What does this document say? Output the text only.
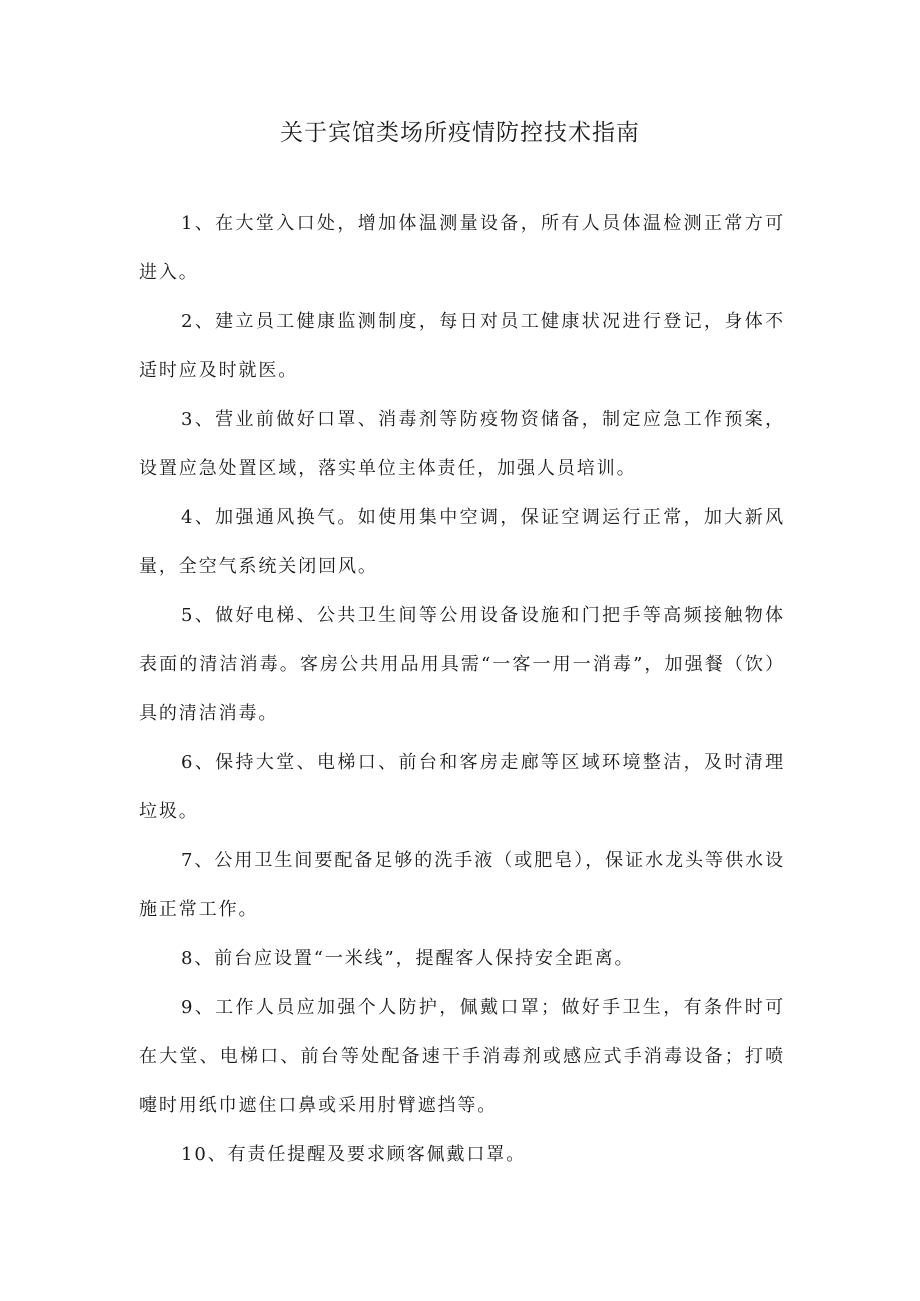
关于宾馆类场所疫情防控技术指南

1、在大堂入口处，增加体温测量设备，所有人员体温检测正常方可进入。

2、建立员工健康监测制度，每日对员工健康状况进行登记，身体不适时应及时就医。

3、营业前做好口罩、消毒剂等防疫物资储备，制定应急工作预案，设置应急处置区域，落实单位主体责任，加强人员培训。

4、加强通风换气。如使用集中空调，保证空调运行正常，加大新风量，全空气系统关闭回风。

5、做好电梯、公共卫生间等公用设备设施和门把手等高频接触物体表面的清洁消毒。客房公共用品用具需“一客一用一消毒”，加强餐（饮）具的清洁消毒。

6、保持大堂、电梯口、前台和客房走廊等区域环境整洁，及时清理垃圾。

7、公用卫生间要配备足够的洗手液（或肥皂），保证水龙头等供水设施正常工作。

8、前台应设置“一米线”，提醒客人保持安全距离。

9、工作人员应加强个人防护，佩戴口罩；做好手卫生，有条件时可在大堂、电梯口、前台等处配备速干手消毒剂或感应式手消毒设备；打喷嚏时用纸巾遮住口鼻或采用肘臂遮挡等。

10、有责任提醒及要求顾客佩戴口罩。
